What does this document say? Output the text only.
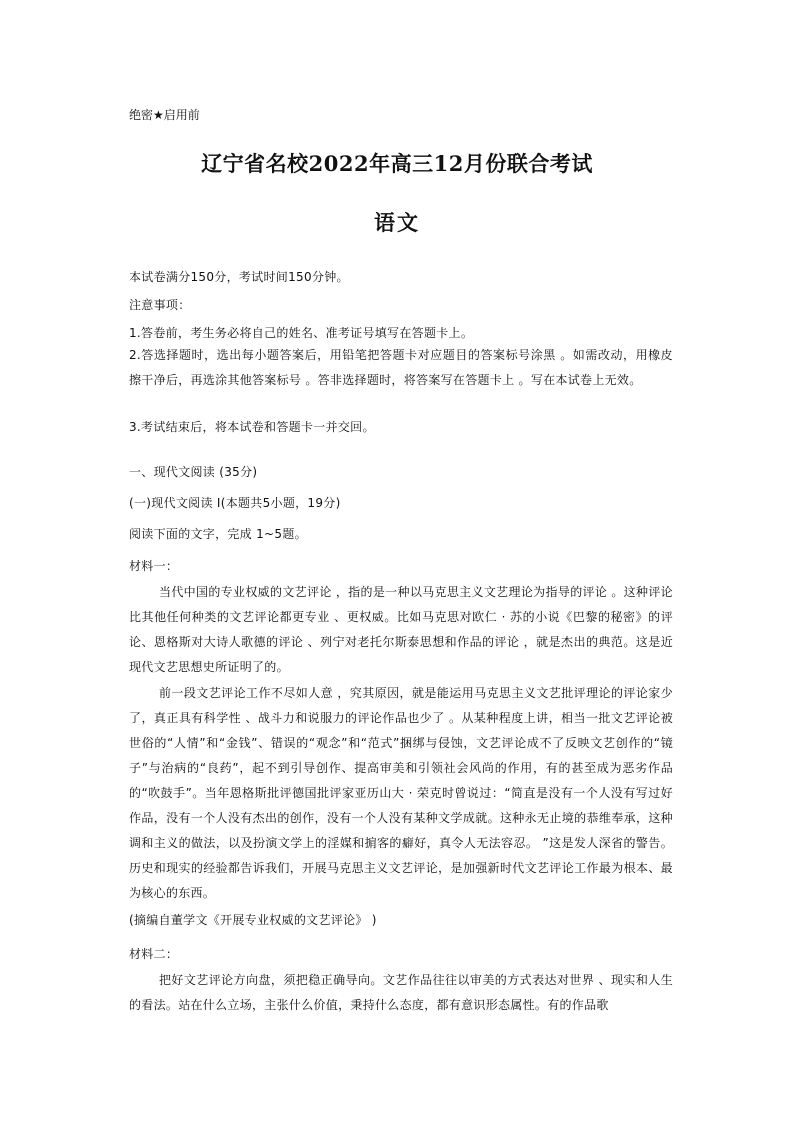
绝密★启用前
辽宁省名校2022年高三12月份联合考试
语文
本试卷满分150分，考试时间150分钟。
注意事项：
1.答卷前，考生务必将自己的姓名、准考证号填写在答题卡上。
2.答选择题时，选出每小题答案后，用铅笔把答题卡对应题目的答案标号涂黑 。如需改动，用橡皮擦干净后，再选涂其他答案标号 。答非选择题时，将答案写在答题卡上 。写在本试卷上无效。
3.考试结束后，将本试卷和答题卡一并交回。
一、现代文阅读 (35分)
(一)现代文阅读 Ⅰ(本题共5小题，19分)
阅读下面的文字，完成 1~5题。
材料一：
当代中国的专业权威的文艺评论 ，指的是一种以马克思主义文艺理论为指导的评论 。这种评论比其他任何种类的文艺评论都更专业 、更权威。比如马克思对欧仁 · 苏的小说《巴黎的秘密》的评论、恩格斯对大诗人歌德的评论 、列宁对老托尔斯泰思想和作品的评论 ，就是杰出的典范。这是近现代文艺思想史所证明了的。
前一段文艺评论工作不尽如人意 ，究其原因，就是能运用马克思主义文艺批评理论的评论家少了，真正具有科学性 、战斗力和说服力的评论作品也少了 。从某种程度上讲，相当一批文艺评论被世俗的“人情”和“金钱”、错误的“观念”和“范式”捆绑与侵蚀，文艺评论成不了反映文艺创作的“镜子”与治病的“良药”，起不到引导创作、提高审美和引领社会风尚的作用，有的甚至成为恶劣作品的“吹鼓手”。当年恩格斯批评德国批评家亚历山大 · 荣克时曾说过：“简直是没有一个人没有写过好作品，没有一个人没有杰出的创作，没有一个人没有某种文学成就。这种永无止境的恭维奉承，这种调和主义的做法，以及扮演文学上的淫媒和掮客的癖好，真令人无法容忍。 ”这是发人深省的警告。历史和现实的经验都告诉我们，开展马克思主义文艺评论，是加强新时代文艺评论工作最为根本、最为核心的东西。
(摘编自董学文《开展专业权威的文艺评论》 )
材料二：
把好文艺评论方向盘，须把稳正确导向。文艺作品往往以审美的方式表达对世界 、现实和人生的看法。站在什么立场，主张什么价值，秉持什么态度，都有意识形态属性。有的作品歌
